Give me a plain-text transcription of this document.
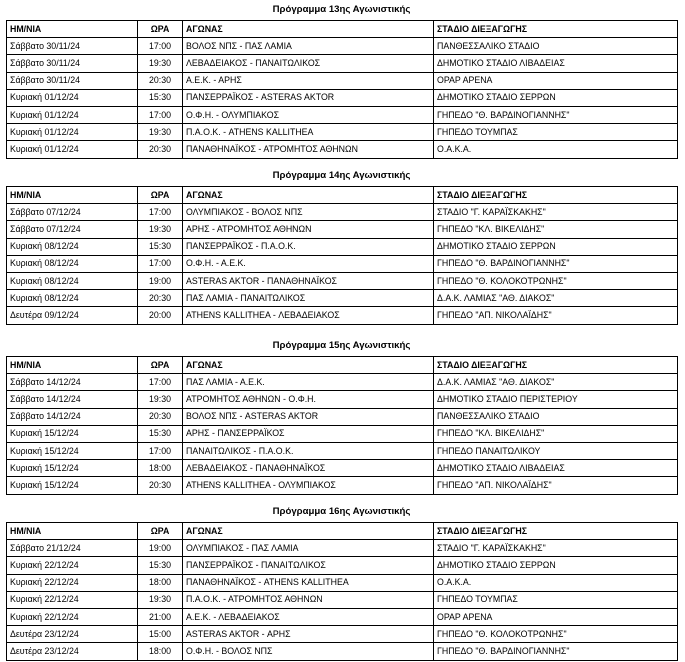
Πρόγραμμα 13ης Αγωνιστικής
ΗΜ/ΝΙΑ	ΩΡΑ	ΑΓΩΝΑΣ	ΣΤΑΔΙΟ ΔΙΕΞΑΓΩΓΗΣ
Σάββατο 30/11/24	17:00	ΒΟΛΟΣ ΝΠΣ - ΠΑΣ ΛΑΜΙΑ	ΠΑΝΘΕΣΣΑΛΙΚΟ ΣΤΑΔΙΟ
Σάββατο 30/11/24	19:30	ΛΕΒΑΔΕΙΑΚΟΣ - ΠΑΝΑΙΤΩΛΙΚΟΣ	ΔΗΜΟΤΙΚΟ ΣΤΑΔΙΟ ΛΙΒΑΔΕΙΑΣ
Σάββατο 30/11/24	20:30	Α.Ε.Κ. - ΑΡΗΣ	ΟΡΑΡ ΑΡΕΝΑ
Κυριακή 01/12/24	15:30	ΠΑΝΣΕΡΡΑΪΚΟΣ - ASTERAS AKTOR	ΔΗΜΟΤΙΚΟ ΣΤΑΔΙΟ ΣΕΡΡΩΝ
Κυριακή 01/12/24	17:00	Ο.Φ.Η. - ΟΛΥΜΠΙΑΚΟΣ	ΓΗΠΕΔΟ "Θ. ΒΑΡΔΙΝΟΓΙΑΝΝΗΣ"
Κυριακή 01/12/24	19:30	Π.Α.Ο.Κ. - ATHENS KALLITHEA	ΓΗΠΕΔΟ ΤΟΥΜΠΑΣ
Κυριακή 01/12/24	20:30	ΠΑΝΑΘΗΝΑΪΚΟΣ - ΑΤΡΟΜΗΤΟΣ ΑΘΗΝΩΝ	Ο.Α.Κ.Α.
Πρόγραμμα 14ης Αγωνιστικής
ΗΜ/ΝΙΑ	ΩΡΑ	ΑΓΩΝΑΣ	ΣΤΑΔΙΟ ΔΙΕΞΑΓΩΓΗΣ
Σάββατο 07/12/24	17:00	ΟΛΥΜΠΙΑΚΟΣ - ΒΟΛΟΣ ΝΠΣ	ΣΤΑΔΙΟ "Γ. ΚΑΡΑΪΣΚΑΚΗΣ"
Σάββατο 07/12/24	19:30	ΑΡΗΣ - ΑΤΡΟΜΗΤΟΣ ΑΘΗΝΩΝ	ΓΗΠΕΔΟ "ΚΛ. ΒΙΚΕΛΙΔΗΣ"
Κυριακή 08/12/24	15:30	ΠΑΝΣΕΡΡΑΪΚΟΣ - Π.Α.Ο.Κ.	ΔΗΜΟΤΙΚΟ ΣΤΑΔΙΟ ΣΕΡΡΩΝ
Κυριακή 08/12/24	17:00	Ο.Φ.Η. - Α.Ε.Κ.	ΓΗΠΕΔΟ "Θ. ΒΑΡΔΙΝΟΓΙΑΝΝΗΣ"
Κυριακή 08/12/24	19:00	ASTERAS AKTOR - ΠΑΝΑΘΗΝΑΪΚΟΣ	ΓΗΠΕΔΟ "Θ. ΚΟΛΟΚΟΤΡΩΝΗΣ"
Κυριακή 08/12/24	20:30	ΠΑΣ ΛΑΜΙΑ - ΠΑΝΑΙΤΩΛΙΚΟΣ	Δ.Α.Κ. ΛΑΜΙΑΣ "ΑΘ. ΔΙΑΚΟΣ"
Δευτέρα 09/12/24	20:00	ATHENS KALLITHEA - ΛΕΒΑΔΕΙΑΚΟΣ	ΓΗΠΕΔΟ "ΑΠ. ΝΙΚΟΛΑΪΔΗΣ"
Πρόγραμμα 15ης Αγωνιστικής
ΗΜ/ΝΙΑ	ΩΡΑ	ΑΓΩΝΑΣ	ΣΤΑΔΙΟ ΔΙΕΞΑΓΩΓΗΣ
Σάββατο 14/12/24	17:00	ΠΑΣ ΛΑΜΙΑ - Α.Ε.Κ.	Δ.Α.Κ. ΛΑΜΙΑΣ "ΑΘ. ΔΙΑΚΟΣ"
Σάββατο 14/12/24	19:30	ΑΤΡΟΜΗΤΟΣ ΑΘΗΝΩΝ - Ο.Φ.Η.	ΔΗΜΟΤΙΚΟ ΣΤΑΔΙΟ ΠΕΡΙΣΤΕΡΙΟΥ
Σάββατο 14/12/24	20:30	ΒΟΛΟΣ ΝΠΣ - ASTERAS AKTOR	ΠΑΝΘΕΣΣΑΛΙΚΟ ΣΤΑΔΙΟ
Κυριακή 15/12/24	15:30	ΑΡΗΣ - ΠΑΝΣΕΡΡΑΪΚΟΣ	ΓΗΠΕΔΟ "ΚΛ. ΒΙΚΕΛΙΔΗΣ"
Κυριακή 15/12/24	17:00	ΠΑΝΑΙΤΩΛΙΚΟΣ - Π.Α.Ο.Κ.	ΓΗΠΕΔΟ ΠΑΝΑΙΤΩΛΙΚΟΥ
Κυριακή 15/12/24	18:00	ΛΕΒΑΔΕΙΑΚΟΣ - ΠΑΝΑΘΗΝΑΪΚΟΣ	ΔΗΜΟΤΙΚΟ ΣΤΑΔΙΟ ΛΙΒΑΔΕΙΑΣ
Κυριακή 15/12/24	20:30	ATHENS KALLITHEA - ΟΛΥΜΠΙΑΚΟΣ	ΓΗΠΕΔΟ "ΑΠ. ΝΙΚΟΛΑΪΔΗΣ"
Πρόγραμμα 16ης Αγωνιστικής
ΗΜ/ΝΙΑ	ΩΡΑ	ΑΓΩΝΑΣ	ΣΤΑΔΙΟ ΔΙΕΞΑΓΩΓΗΣ
Σάββατο 21/12/24	19:00	ΟΛΥΜΠΙΑΚΟΣ - ΠΑΣ ΛΑΜΙΑ	ΣΤΑΔΙΟ "Γ. ΚΑΡΑΪΣΚΑΚΗΣ"
Κυριακή 22/12/24	15:30	ΠΑΝΣΕΡΡΑΪΚΟΣ - ΠΑΝΑΙΤΩΛΙΚΟΣ	ΔΗΜΟΤΙΚΟ ΣΤΑΔΙΟ ΣΕΡΡΩΝ
Κυριακή 22/12/24	18:00	ΠΑΝΑΘΗΝΑΪΚΟΣ - ATHENS KALLITHEA	Ο.Α.Κ.Α.
Κυριακή 22/12/24	19:30	Π.Α.Ο.Κ. - ΑΤΡΟΜΗΤΟΣ ΑΘΗΝΩΝ	ΓΗΠΕΔΟ ΤΟΥΜΠΑΣ
Κυριακή 22/12/24	21:00	Α.Ε.Κ. - ΛΕΒΑΔΕΙΑΚΟΣ	ΟΡΑΡ ΑΡΕΝΑ
Δευτέρα 23/12/24	15:00	ASTERAS AKTOR - ΑΡΗΣ	ΓΗΠΕΔΟ "Θ. ΚΟΛΟΚΟΤΡΩΝΗΣ"
Δευτέρα 23/12/24	18:00	Ο.Φ.Η. - ΒΟΛΟΣ ΝΠΣ	ΓΗΠΕΔΟ "Θ. ΒΑΡΔΙΝΟΓΙΑΝΝΗΣ"
